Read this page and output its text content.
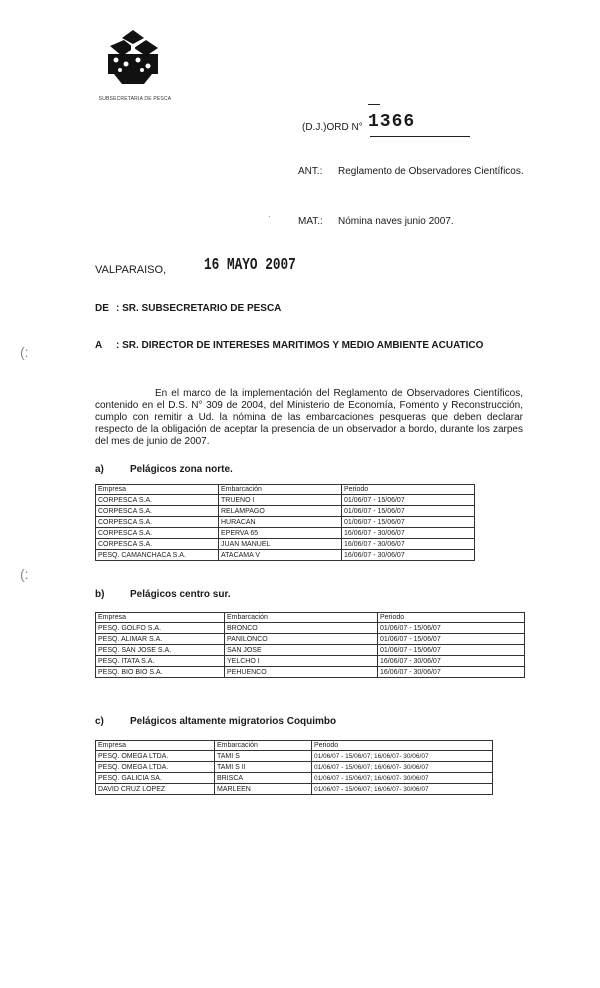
SUBSECRETARIA DE PESCA
(D.J.)ORD N° 1366
ANT.: Reglamento de Observadores Científicos.
MAT.: Nómina naves junio 2007.
·
VALPARAISO, 16 MAYO 2007
DE : SR. SUBSECRETARIO DE PESCA
A : SR. DIRECTOR DE INTERESES MARITIMOS Y MEDIO AMBIENTE ACUATICO
(:
(:
En el marco de la implementación del Reglamento de Observadores Científicos, contenido en el D.S. N° 309 de 2004, del Ministerio de Economía, Fomento y Reconstrucción, cumplo con remitir a Ud. la nómina de las embarcaciones pesqueras que deben declarar respecto de la obligación de aceptar la presencia de un observador a bordo, durante los zarpes del mes de junio de 2007.
a)	Pelágicos zona norte.
Empresa	Embarcación	Periodo
CORPESCA S.A.	TRUENO I	01/06/07 - 15/06/07
CORPESCA S.A.	RELAMPAGO	01/06/07 - 15/06/07
CORPESCA S.A.	HURACAN	01/06/07 - 15/06/07
CORPESCA S.A.	EPERVA 65	16/06/07 - 30/06/07
CORPESCA S.A.	JUAN MANUEL	16/06/07 - 30/06/07
PESQ. CAMANCHACA S.A.	ATACAMA V	16/06/07 - 30/06/07
b)	Pelágicos centro sur.
Empresa	Embarcación	Periodo
PESQ. GOLFO S.A.	BRONCO	01/06/07 - 15/06/07
PESQ. ALIMAR S.A.	PANILONCO	01/06/07 - 15/06/07
PESQ. SAN JOSE S.A.	SAN JOSE	01/06/07 - 15/06/07
PESQ. ITATA S.A.	YELCHO I	16/06/07 - 30/06/07
PESQ. BIO BIO S.A.	PEHUENCO	16/06/07 - 30/06/07
c)	Pelágicos altamente migratorios Coquimbo
Empresa	Embarcación	Periodo
PESQ. OMEGA LTDA.	TAMI S	01/06/07 - 15/06/07; 16/06/07- 30/06/07
PESQ. OMEGA LTDA.	TAMI S II	01/06/07 - 15/06/07; 16/06/07- 30/06/07
PESQ. GALICIA SA.	BRISCA	01/06/07 - 15/06/07; 16/06/07- 30/06/07
DAVID CRUZ LOPEZ	MARLEEN	01/06/07 - 15/06/07; 16/06/07- 30/06/07
